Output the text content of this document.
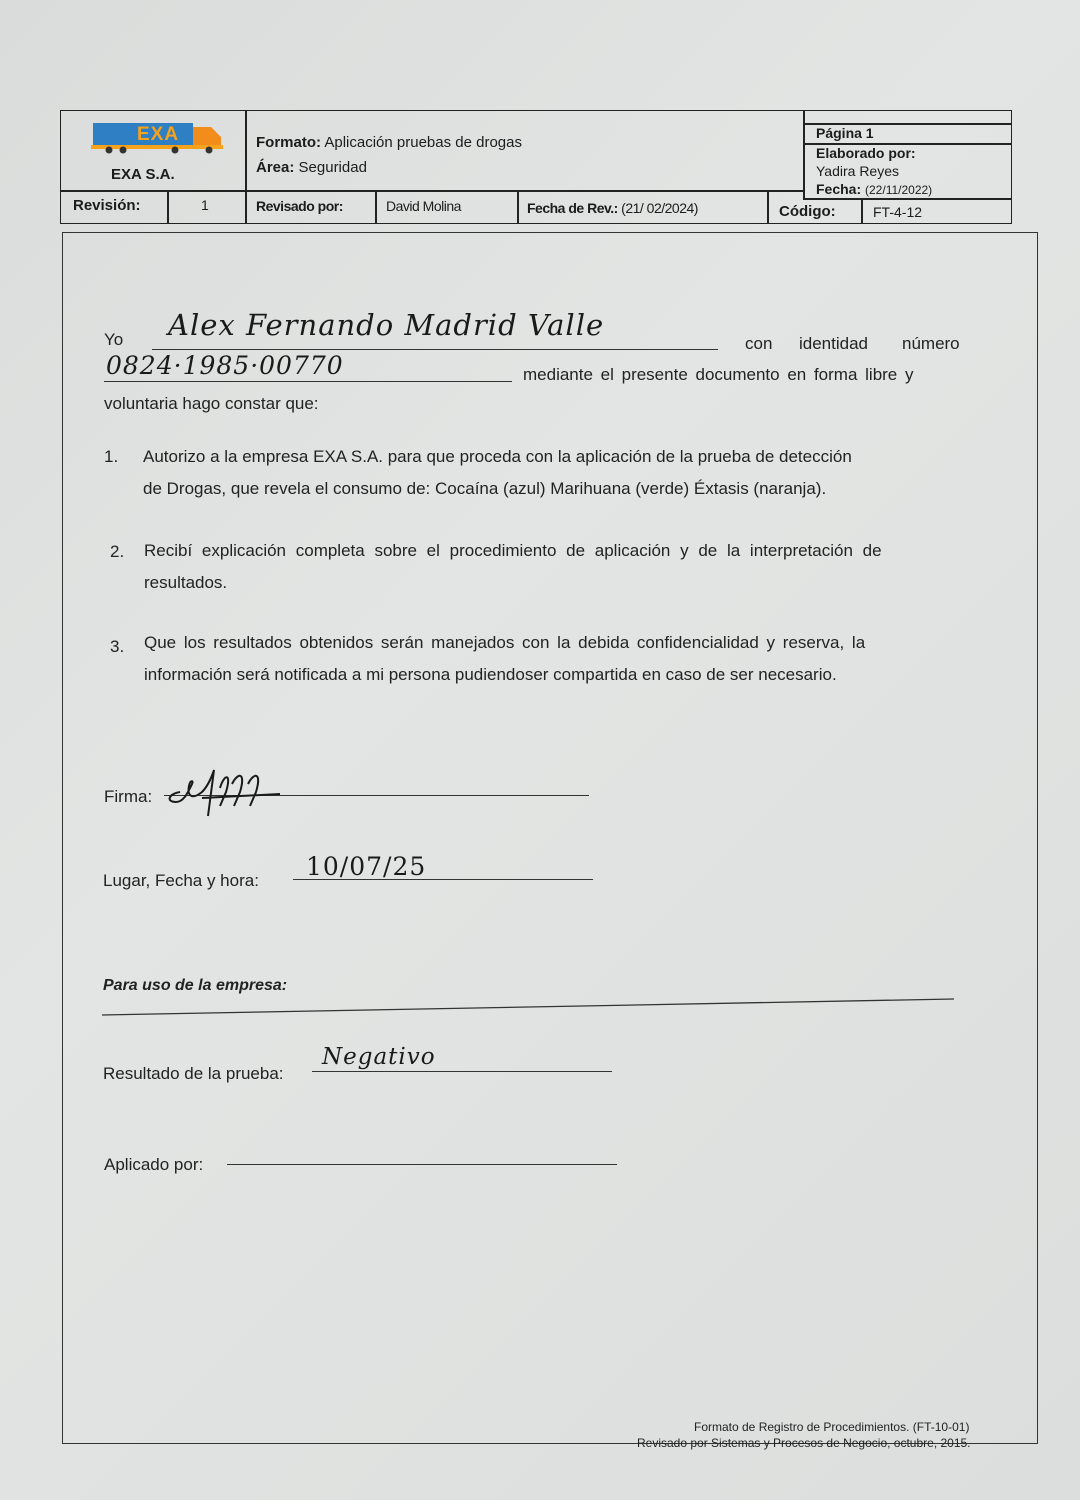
EXA
EXA S.A.
Formato: Aplicación pruebas de drogas
Área: Seguridad
Página 1
Elaborado por:
Yadira Reyes
Fecha: (22/11/2022)
Revisión:	1	Revisado por:	David Molina	Fecha de Rev.: (21/ 02/2024)	Código:	FT-4-12
Yo Alex Fernando Madrid Valle
con identidad número
0824·1985·00770	mediante el presente documento en forma libre y
voluntaria hago constar que:
1. Autorizo a la empresa EXA S.A. para que proceda con la aplicación de la prueba de detección
de Drogas, que revela el consumo de: Cocaína (azul) Marihuana (verde) Éxtasis (naranja).
2. Recibí explicación completa sobre el procedimiento de aplicación y de la interpretación de
resultados.
3. Que los resultados obtenidos serán manejados con la debida confidencialidad y reserva, la
información será notificada a mi persona pudiendoser compartida en caso de ser necesario.
Firma:
Lugar, Fecha y hora: 10/07/25
Para uso de la empresa:
Resultado de la prueba:
Negativo
Aplicado por:
Formato de Registro de Procedimientos. (FT-10-01)
Revisado por Sistemas y Procesos de Negocio, octubre, 2015.
